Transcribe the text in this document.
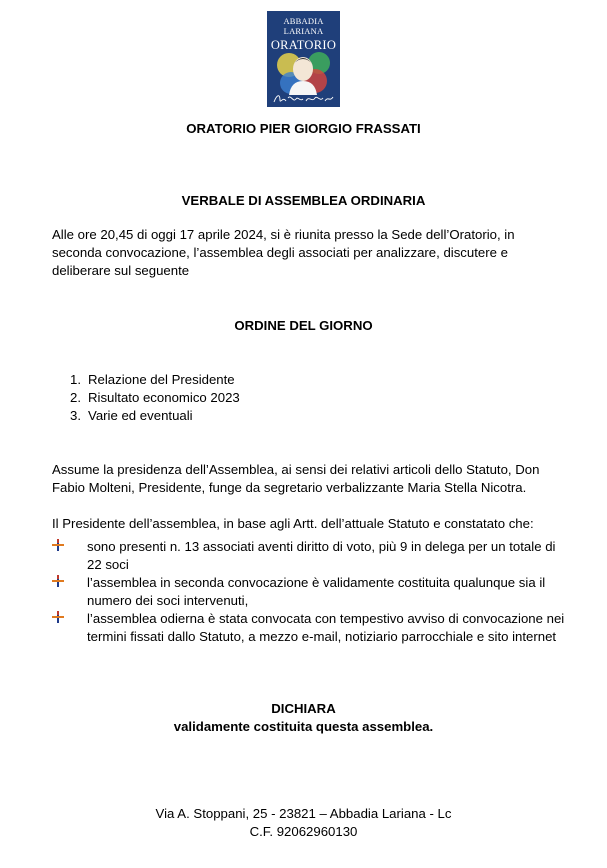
ABBADIA LARIANA
ORATORIO
ORATORIO PIER GIORGIO FRASSATI
VERBALE DI ASSEMBLEA ORDINARIA
Alle ore 20,45 di oggi 17 aprile 2024, si è riunita presso la Sede dell’Oratorio, in seconda convocazione, l’assemblea degli associati per analizzare, discutere e deliberare sul seguente
ORDINE DEL GIORNO
1. Relazione del Presidente
2. Risultato economico 2023
3. Varie ed eventuali
Assume la presidenza dell’Assemblea, ai sensi dei relativi articoli dello Statuto, Don Fabio Molteni, Presidente, funge da segretario verbalizzante Maria Stella Nicotra.
Il Presidente dell’assemblea, in base agli Artt. dell’attuale Statuto e constatato che:
sono presenti n. 13 associati aventi diritto di voto, più 9 in delega per un totale di 22 soci
l’assemblea in seconda convocazione è validamente costituita qualunque sia il numero dei soci intervenuti,
l’assemblea odierna è stata convocata con tempestivo avviso di convocazione nei termini fissati dallo Statuto, a mezzo e-mail, notiziario parrocchiale e sito internet
DICHIARA
validamente costituita questa assemblea.
Via A. Stoppani, 25 - 23821 – Abbadia Lariana - Lc
C.F. 92062960130
